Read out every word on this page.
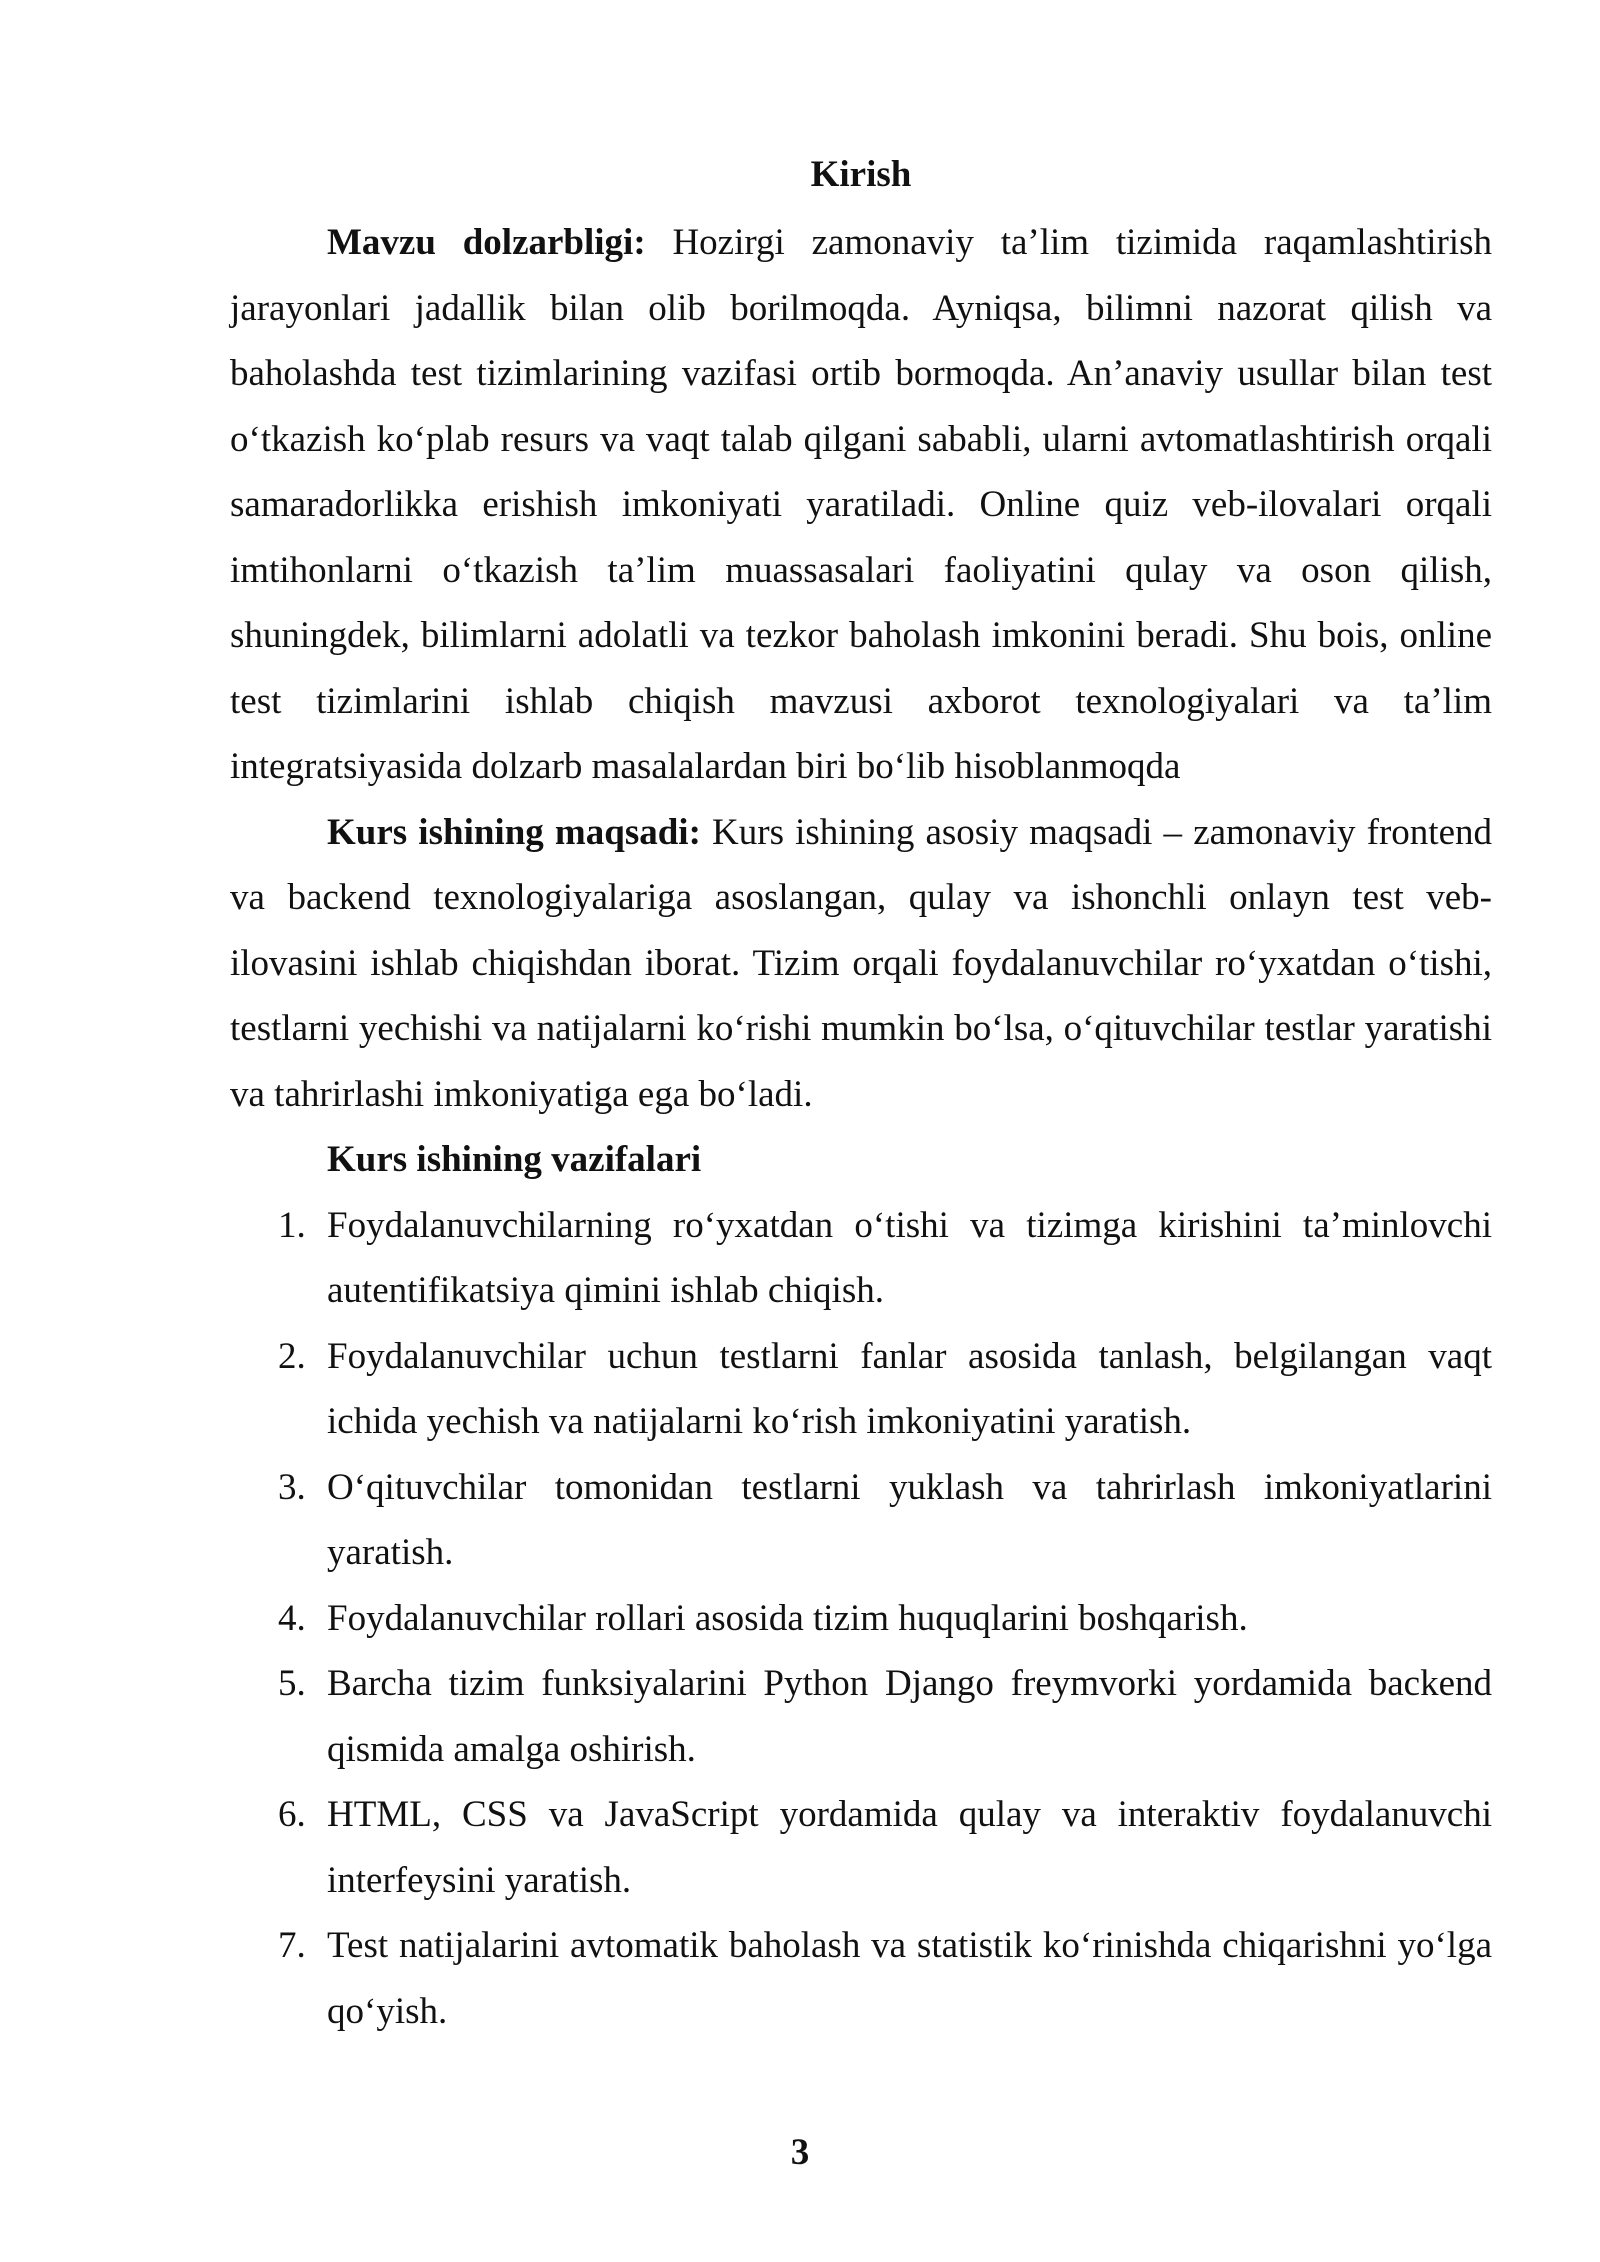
Kirish

Mavzu dolzarbligi: Hozirgi zamonaviy ta’lim tizimida raqamlashtirish jarayonlari jadallik bilan olib borilmoqda. Ayniqsa, bilimni nazorat qilish va baholashda test tizimlarining vazifasi ortib bormoqda. An’anaviy usullar bilan test o‘tkazish ko‘plab resurs va vaqt talab qilgani sababli, ularni avtomatlashtirish orqali samaradorlikka erishish imkoniyati yaratiladi. Online quiz veb-ilovalari orqali imtihonlarni o‘tkazish ta’lim muassasalari faoliyatini qulay va oson qilish, shuningdek, bilimlarni adolatli va tezkor baholash imkonini beradi. Shu bois, online test tizimlarini ishlab chiqish mavzusi axborot texnologiyalari va ta’lim integratsiyasida dolzarb masalalardan biri bo‘lib hisoblanmoqda

Kurs ishining maqsadi: Kurs ishining asosiy maqsadi – zamonaviy frontend va backend texnologiyalariga asoslangan, qulay va ishonchli onlayn test veb-ilovasini ishlab chiqishdan iborat. Tizim orqali foydalanuvchilar ro‘yxatdan o‘tishi, testlarni yechishi va natijalarni ko‘rishi mumkin bo‘lsa, o‘qituvchilar testlar yaratishi va tahrirlashi imkoniyatiga ega bo‘ladi.

Kurs ishining vazifalari

1. Foydalanuvchilarning ro‘yxatdan o‘tishi va tizimga kirishini ta’minlovchi autentifikatsiya qimini ishlab chiqish.
2. Foydalanuvchilar uchun testlarni fanlar asosida tanlash, belgilangan vaqt ichida yechish va natijalarni ko‘rish imkoniyatini yaratish.
3. O‘qituvchilar tomonidan testlarni yuklash va tahrirlash imkoniyatlarini yaratish.
4. Foydalanuvchilar rollari asosida tizim huquqlarini boshqarish.
5. Barcha tizim funksiyalarini Python Django freymvorki yordamida backend qismida amalga oshirish.
6. HTML, CSS va JavaScript yordamida qulay va interaktiv foydalanuvchi interfeysini yaratish.
7. Test natijalarini avtomatik baholash va statistik ko‘rinishda chiqarishni yo‘lga qo‘yish.
3
